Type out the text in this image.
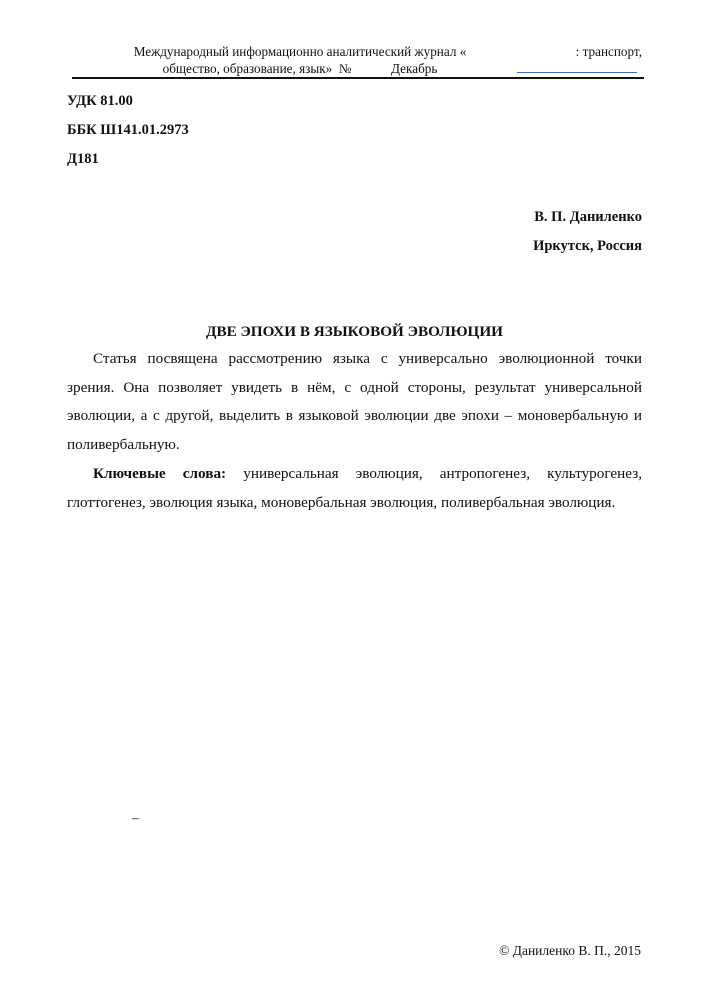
Международный информационно аналитический журнал «
общество, образование, язык»  №            Декабрь
: транспорт,
УДК 81.00
ББК Ш141.01.2973
Д181
В. П. Даниленко
Иркутск, Россия
ДВЕ ЭПОХИ В ЯЗЫКОВОЙ ЭВОЛЮЦИИ

Статья посвящена рассмотрению языка с универсально эволюционной точки зрения. Она позволяет увидеть в нём, с одной стороны, результат универсальной эволюции, а с другой, выделить в языковой эволюции две эпохи – моновербальную и поливербальную.

Ключевые слова: универсальная эволюция, антропогенез, культурогенез, глоттогенез, эволюция языка, моновербальная эволюция, поливербальная эволюция.

–
© Даниленко В. П., 2015
